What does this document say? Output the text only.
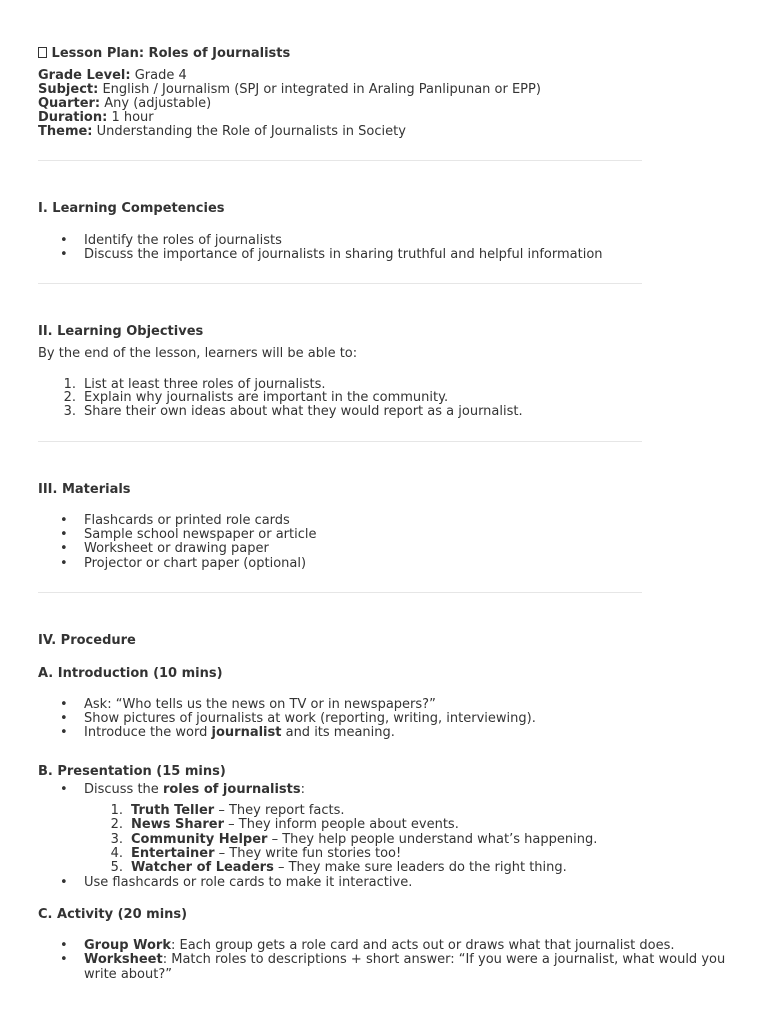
Lesson Plan: Roles of Journalists
Grade Level: Grade 4
Subject: English / Journalism (SPJ or integrated in Araling Panlipunan or EPP)
Quarter: Any (adjustable)
Duration: 1 hour
Theme: Understanding the Role of Journalists in Society
I. Learning Competencies
• Identify the roles of journalists
• Discuss the importance of journalists in sharing truthful and helpful information
II. Learning Objectives
By the end of the lesson, learners will be able to:
1. List at least three roles of journalists.
2. Explain why journalists are important in the community.
3. Share their own ideas about what they would report as a journalist.
III. Materials
• Flashcards or printed role cards
• Sample school newspaper or article
• Worksheet or drawing paper
• Projector or chart paper (optional)
IV. Procedure
A. Introduction (10 mins)
• Ask: “Who tells us the news on TV or in newspapers?”
• Show pictures of journalists at work (reporting, writing, interviewing).
• Introduce the word journalist and its meaning.
B. Presentation (15 mins)
• Discuss the roles of journalists:
1. Truth Teller – They report facts.
2. News Sharer – They inform people about events.
3. Community Helper – They help people understand what’s happening.
4. Entertainer – They write fun stories too!
5. Watcher of Leaders – They make sure leaders do the right thing.
• Use flashcards or role cards to make it interactive.
C. Activity (20 mins)
• Group Work: Each group gets a role card and acts out or draws what that journalist does.
• Worksheet: Match roles to descriptions + short answer: “If you were a journalist, what would you
write about?”
